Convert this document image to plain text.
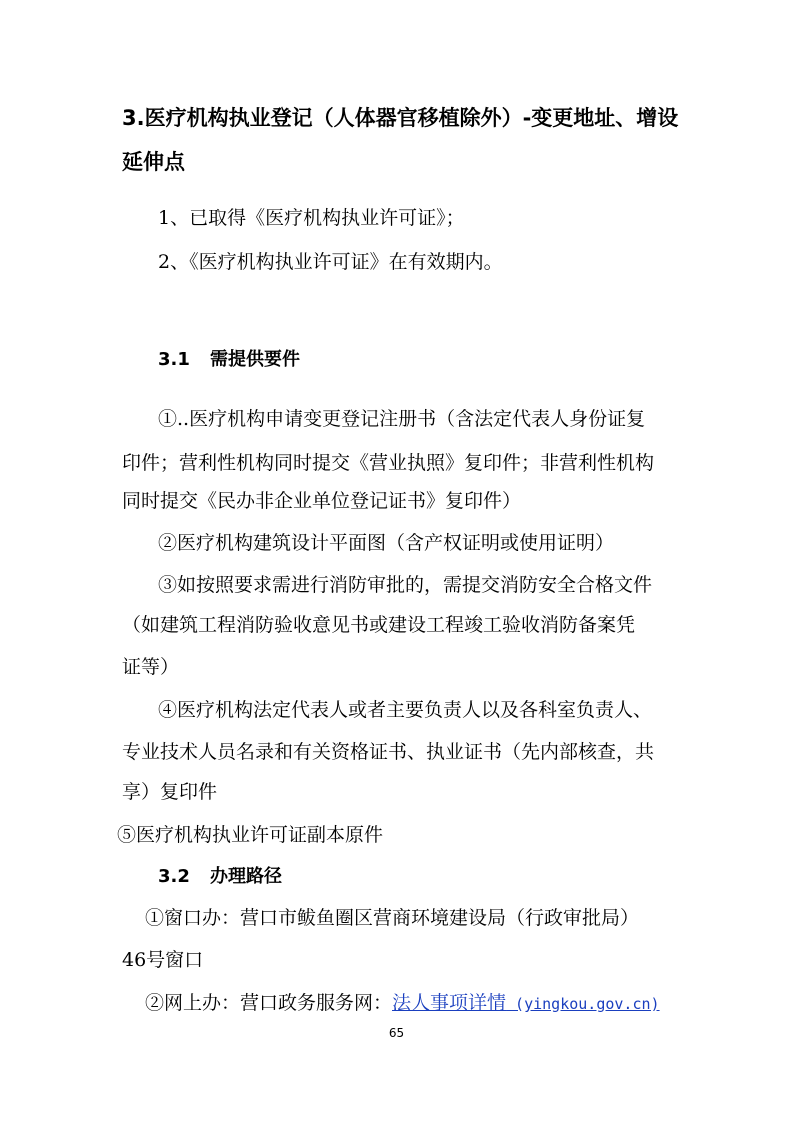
3.医疗机构执业登记（人体器官移植除外）-变更地址、增设
延伸点
1、已取得《医疗机构执业许可证》；
2、《医疗机构执业许可证》在有效期内。
3.1 需提供要件
①..医疗机构申请变更登记注册书（含法定代表人身份证复
印件；营利性机构同时提交《营业执照》复印件；非营利性机构
同时提交《民办非企业单位登记证书》复印件）
②医疗机构建筑设计平面图（含产权证明或使用证明）
③如按照要求需进行消防审批的，需提交消防安全合格文件
（如建筑工程消防验收意见书或建设工程竣工验收消防备案凭
证等）
④医疗机构法定代表人或者主要负责人以及各科室负责人、
专业技术人员名录和有关资格证书、执业证书（先内部核查，共
享）复印件
⑤医疗机构执业许可证副本原件
3.2 办理路径
①窗口办：营口市鲅鱼圈区营商环境建设局（行政审批局）
46号窗口
②网上办：营口政务服务网：法人事项详情 (yingkou.gov.cn)
65
